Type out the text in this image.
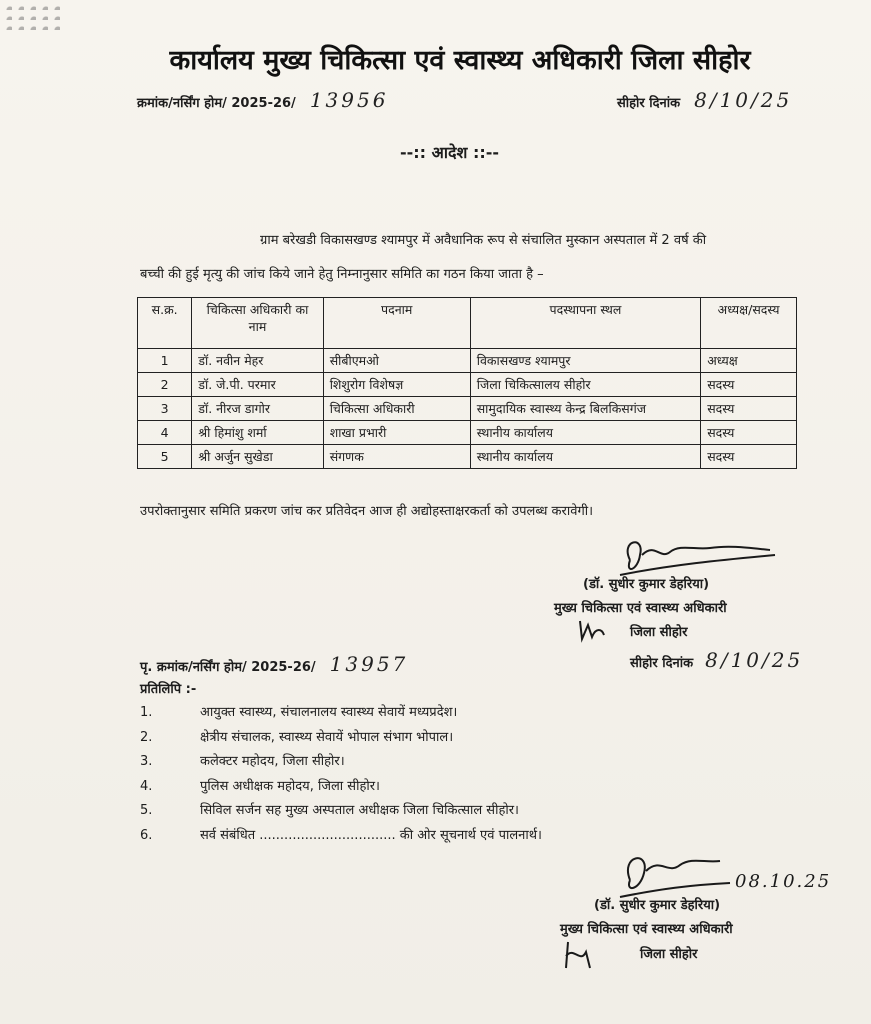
कार्यालय मुख्य चिकित्सा एवं स्वास्थ्य अधिकारी जिला सीहोर
क्रमांक/नर्सिंग होम/ 2025-26/ 13956	सीहोर दिनांक 8/10/25
--:: आदेश ::--
ग्राम बरेखडी विकासखण्ड श्यामपुर में अवैधानिक रूप से संचालित मुस्कान अस्पताल में 2 वर्ष की
बच्ची की हुई मृत्यु की जांच किये जाने हेतु निम्नानुसार समिति का गठन किया जाता है –
स.क्र.	चिकित्सा अधिकारी का नाम	पदनाम	पदस्थापना स्थल	अध्यक्ष/सदस्य
1	डॉ. नवीन मेहर	सीबीएमओ	विकासखण्ड श्यामपुर	अध्यक्ष
2	डॉ. जे.पी. परमार	शिशुरोग विशेषज्ञ	जिला चिकित्सालय सीहोर	सदस्य
3	डॉ. नीरज डागोर	चिकित्सा अधिकारी	सामुदायिक स्वास्थ्य केन्द्र बिलकिसगंज	सदस्य
4	श्री हिमांशु शर्मा	शाखा प्रभारी	स्थानीय कार्यालय	सदस्य
5	श्री अर्जुन सुखेडा	संगणक	स्थानीय कार्यालय	सदस्य
उपरोक्तानुसार समिति प्रकरण जांच कर प्रतिवेदन आज ही अद्योहस्ताक्षरकर्ता को उपलब्ध करावेगी।
(डॉ. सुधीर कुमार डेहरिया)
मुख्य चिकित्सा एवं स्वास्थ्य अधिकारी
जिला सीहोर
पृ. क्रमांक/नर्सिंग होम/ 2025-26/ 13957	सीहोर दिनांक 8/10/25
प्रतिलिपि :-
1.	आयुक्त स्वास्थ्य, संचालनालय स्वास्थ्य सेवायें मध्यप्रदेश।
2.	क्षेत्रीय संचालक, स्वास्थ्य सेवायें भोपाल संभाग भोपाल।
3.	कलेक्टर महोदय, जिला सीहोर।
4.	पुलिस अधीक्षक महोदय, जिला सीहोर।
5.	सिविल सर्जन सह मुख्य अस्पताल अधीक्षक जिला चिकित्साल सीहोर।
6.	सर्व संबंधित ................................. की ओर सूचनार्थ एवं पालनार्थ।
08.10.25
(डॉ. सुधीर कुमार डेहरिया)
मुख्य चिकित्सा एवं स्वास्थ्य अधिकारी
जिला सीहोर
